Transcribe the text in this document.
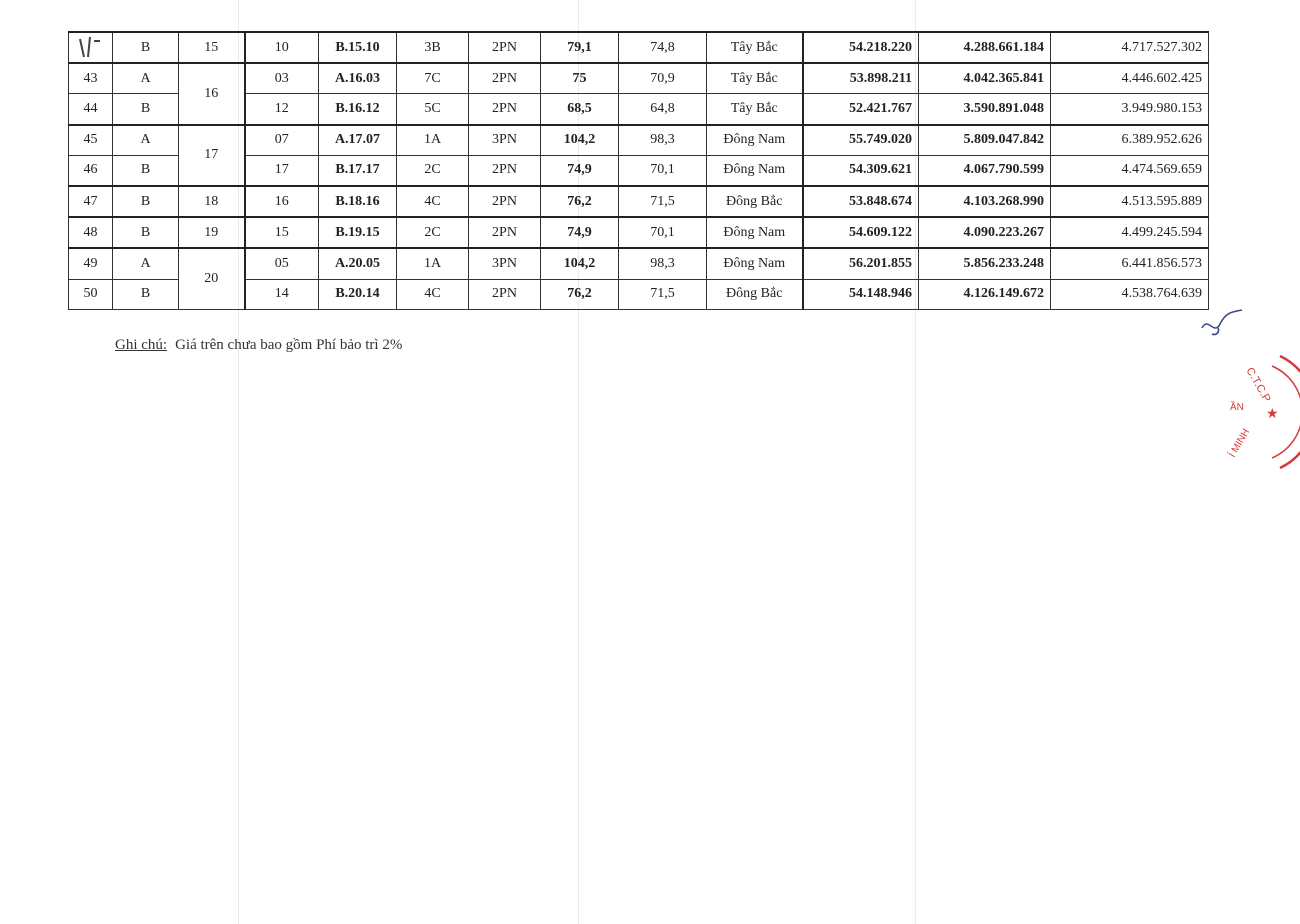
	B	15	10	B.15.10	3B	2PN	79,1	74,8	Tây Bắc	54.218.220	4.288.661.184	4.717.527.302
43	A	16	03	A.16.03	7C	2PN	75	70,9	Tây Bắc	53.898.211	4.042.365.841	4.446.602.425
44	B		12	B.16.12	5C	2PN	68,5	64,8	Tây Bắc	52.421.767	3.590.891.048	3.949.980.153
45	A	17	07	A.17.07	1A	3PN	104,2	98,3	Đông Nam	55.749.020	5.809.047.842	6.389.952.626
46	B		17	B.17.17	2C	2PN	74,9	70,1	Đông Nam	54.309.621	4.067.790.599	4.474.569.659
47	B	18	16	B.18.16	4C	2PN	76,2	71,5	Đông Bắc	53.848.674	4.103.268.990	4.513.595.889
48	B	19	15	B.19.15	2C	2PN	74,9	70,1	Đông Nam	54.609.122	4.090.223.267	4.499.245.594
49	A	20	05	A.20.05	1A	3PN	104,2	98,3	Đông Nam	56.201.855	5.856.233.248	6.441.856.573
50	B		14	B.20.14	4C	2PN	76,2	71,5	Đông Bắc	54.148.946	4.126.149.672	4.538.764.639
Ghi chú: Giá trên chưa bao gồm Phí bảo trì 2%
C.T.C.P
ẦN
Í MINH
★
